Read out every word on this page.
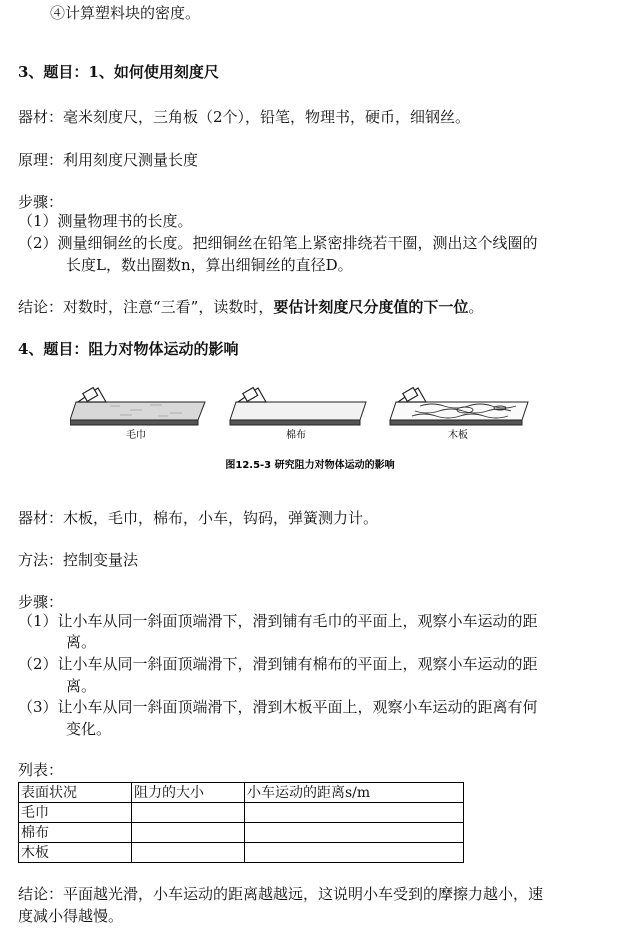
④计算塑料块的密度。
3、题目：1、如何使用刻度尺
器材：毫米刻度尺，三角板（2个），铅笔，物理书，硬币，细钢丝。
原理：利用刻度尺测量长度
步骤：
（1）测量物理书的长度。
（2）测量细铜丝的长度。把细铜丝在铅笔上紧密排绕若干圈，测出这个线圈的
长度L，数出圈数n，算出细铜丝的直径D。
结论：对数时，注意“三看”，读数时，要估计刻度尺分度值的下一位。
4、题目：阻力对物体运动的影响
毛巾	棉布	木板
图12.5-3 研究阻力对物体运动的影响
器材：木板，毛巾，棉布，小车，钩码，弹簧测力计。
方法：控制变量法
步骤：
（1）让小车从同一斜面顶端滑下，滑到铺有毛巾的平面上，观察小车运动的距
离。
（2）让小车从同一斜面顶端滑下，滑到铺有棉布的平面上，观察小车运动的距
离。
（3）让小车从同一斜面顶端滑下，滑到木板平面上，观察小车运动的距离有何
变化。
列表：
表面状况	阻力的大小	小车运动的距离s/m
毛巾		
棉布		
木板		
结论：平面越光滑，小车运动的距离越越远，这说明小车受到的摩擦力越小，速
度减小得越慢。
